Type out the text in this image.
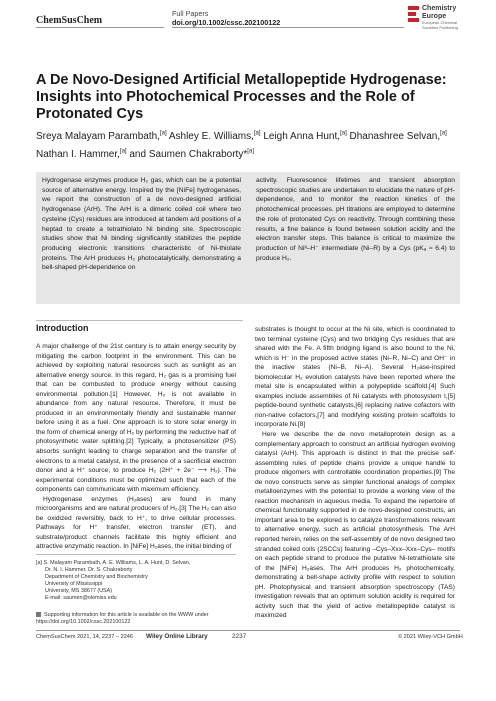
ChemSusChem
Full Papers
doi.org/10.1002/cssc.202100122
Chemistry
Europe
European Chemical
Societies Publishing
A De Novo-Designed Artificial Metallopeptide Hydrogenase: Insights into Photochemical Processes and the Role of Protonated Cys
Sreya Malayam Parambath,[a] Ashley E. Williams,[a] Leigh Anna Hunt,[a] Dhanashree Selvan,[a]
Nathan I. Hammer,[a] and Saumen Chakraborty*[a]
Hydrogenase enzymes produce H₂ gas, which can be a potential source of alternative energy. Inspired by the [NiFe] hydrogenases, we report the construction of a de novo-designed artificial hydrogenase (ArH). The ArH is a dimeric coiled coil where two cysteine (Cys) residues are introduced at tandem a/d positions of a heptad to create a tetrathiolato Ni binding site. Spectroscopic studies show that Ni binding significantly stabilizes the peptide producing electronic transitions characteristic of Ni-thiolate proteins. The ArH produces H₂ photocatalytically, demonstrating a bell-shaped pH-dependence on
activity. Fluorescence lifetimes and transient absorption spectroscopic studies are undertaken to elucidate the nature of pH-dependence, and to monitor the reaction kinetics of the photochemical processes. pH titrations are employed to determine the role of protonated Cys on reactivity. Through combining these results, a fine balance is found between solution acidity and the electron transfer steps. This balance is critical to maximize the production of Niᴵᴵ–H⁻ intermediate (Ni–R) by a Cys (pKₐ ≈ 6.4) to produce H₂.
Introduction

A major challenge of the 21st century is to attain energy security by mitigating the carbon footprint in the environment. This can be achieved by exploiting natural resources such as sunlight as an alternative energy source. In this regard, H₂ gas is a promising fuel that can be combusted to produce energy without causing environmental pollution.[1] However, H₂ is not available in abundance from any natural resource. Therefore, it must be produced in an environmentally friendly and sustainable manner before using it as a fuel. One approach is to store solar energy in the form of chemical energy of H₂ by performing the reductive half of photosynthetic water splitting.[2] Typically, a photosensitizer (PS) absorbs sunlight leading to charge separation and the transfer of electrons to a metal catalyst, in the presence of a sacrificial electron donor and a H⁺ source, to produce H₂ (2H⁺ + 2e⁻ ⟶ H₂). The experimental conditions must be optimized such that each of the components can communicate with maximum efficiency.

Hydrogenase enzymes (H₂ases) are found in many microorganisms and are natural producers of H₂.[3] The H₂ can also be oxidized reversibly, back to H⁺, to drive cellular processes. Pathways for H⁺ transfer, electron transfer (ET), and substrate/product channels facilitate this highly efficient and attractive enzymatic reaction. In [NiFe] H₂ases, the initial binding of

substrates is thought to occur at the Ni site, which is coordinated to two terminal cysteine (Cys) and two bridging Cys residues that are shared with the Fe. A fifth bridging ligand is also bound to the Ni, which is H⁻ in the proposed active states (Ni–R, Ni–C) and OH⁻ in the inactive states (Ni–B, Ni–A). Several H₂ase-inspired biomolecular H₂ evolution catalysts have been reported where the metal site is encapsulated within a polypeptide scaffold.[4] Such examples include assemblies of Ni catalysts with photosystem I,[5] peptide-bound synthetic catalysts,[6] replacing native cofactors with non-native cofactors,[7] and modifying existing protein scaffolds to incorporate Ni.[8]

Here we describe the de novo metalloprotein design as a complementary approach to construct an artificial hydrogen evolving catalyst (ArH). This approach is distinct in that the precise self-assembling rules of peptide chains provide a unique handle to produce oligomers with controllable coordination properties.[9] The de novo constructs serve as simpler functional analogs of complex metalloenzymes with the potential to provide a working view of the reaction mechanism in aqueous media. To expand the repertoire of chemical functionality supported in de novo-designed constructs, an important area to be explored is to catalyze transformations relevant to alternative energy, such as artificial photosynthesis. The ArH reported herein, relies on the self-assembly of de novo designed two stranded coiled coils (2SCCs) featuring –Cys–Xxx–Xxx–Cys– motifs on each peptide strand to produce the putative Ni-tetrathiolate site of the [NiFe] H₂ases. The ArH produces H₂ photochemically, demonstrating a bell-shape activity profile with respect to solution pH. Photophysical and transient absorption spectroscopy (TAS) investigation reveals that an optimum solution acidity is required for activity such that the yield of active metallopeptide catalyst is maximized

[a] S. Malayam Parambath, A. E. Williams, L. A. Hunt, D. Selvan,
Dr. N. I. Hammer, Dr. S. Chakraborty
Department of Chemistry and Biochemistry
University of Mississippi
University, MS 38677 (USA)
E-mail: saumen@olemiss.edu
Supporting information for this article is available on the WWW under https://doi.org/10.1002/cssc.202100122
ChemSusChem 2021, 14, 2237 – 2246 Wiley Online Library	2237	© 2021 Wiley-VCH GmbH
